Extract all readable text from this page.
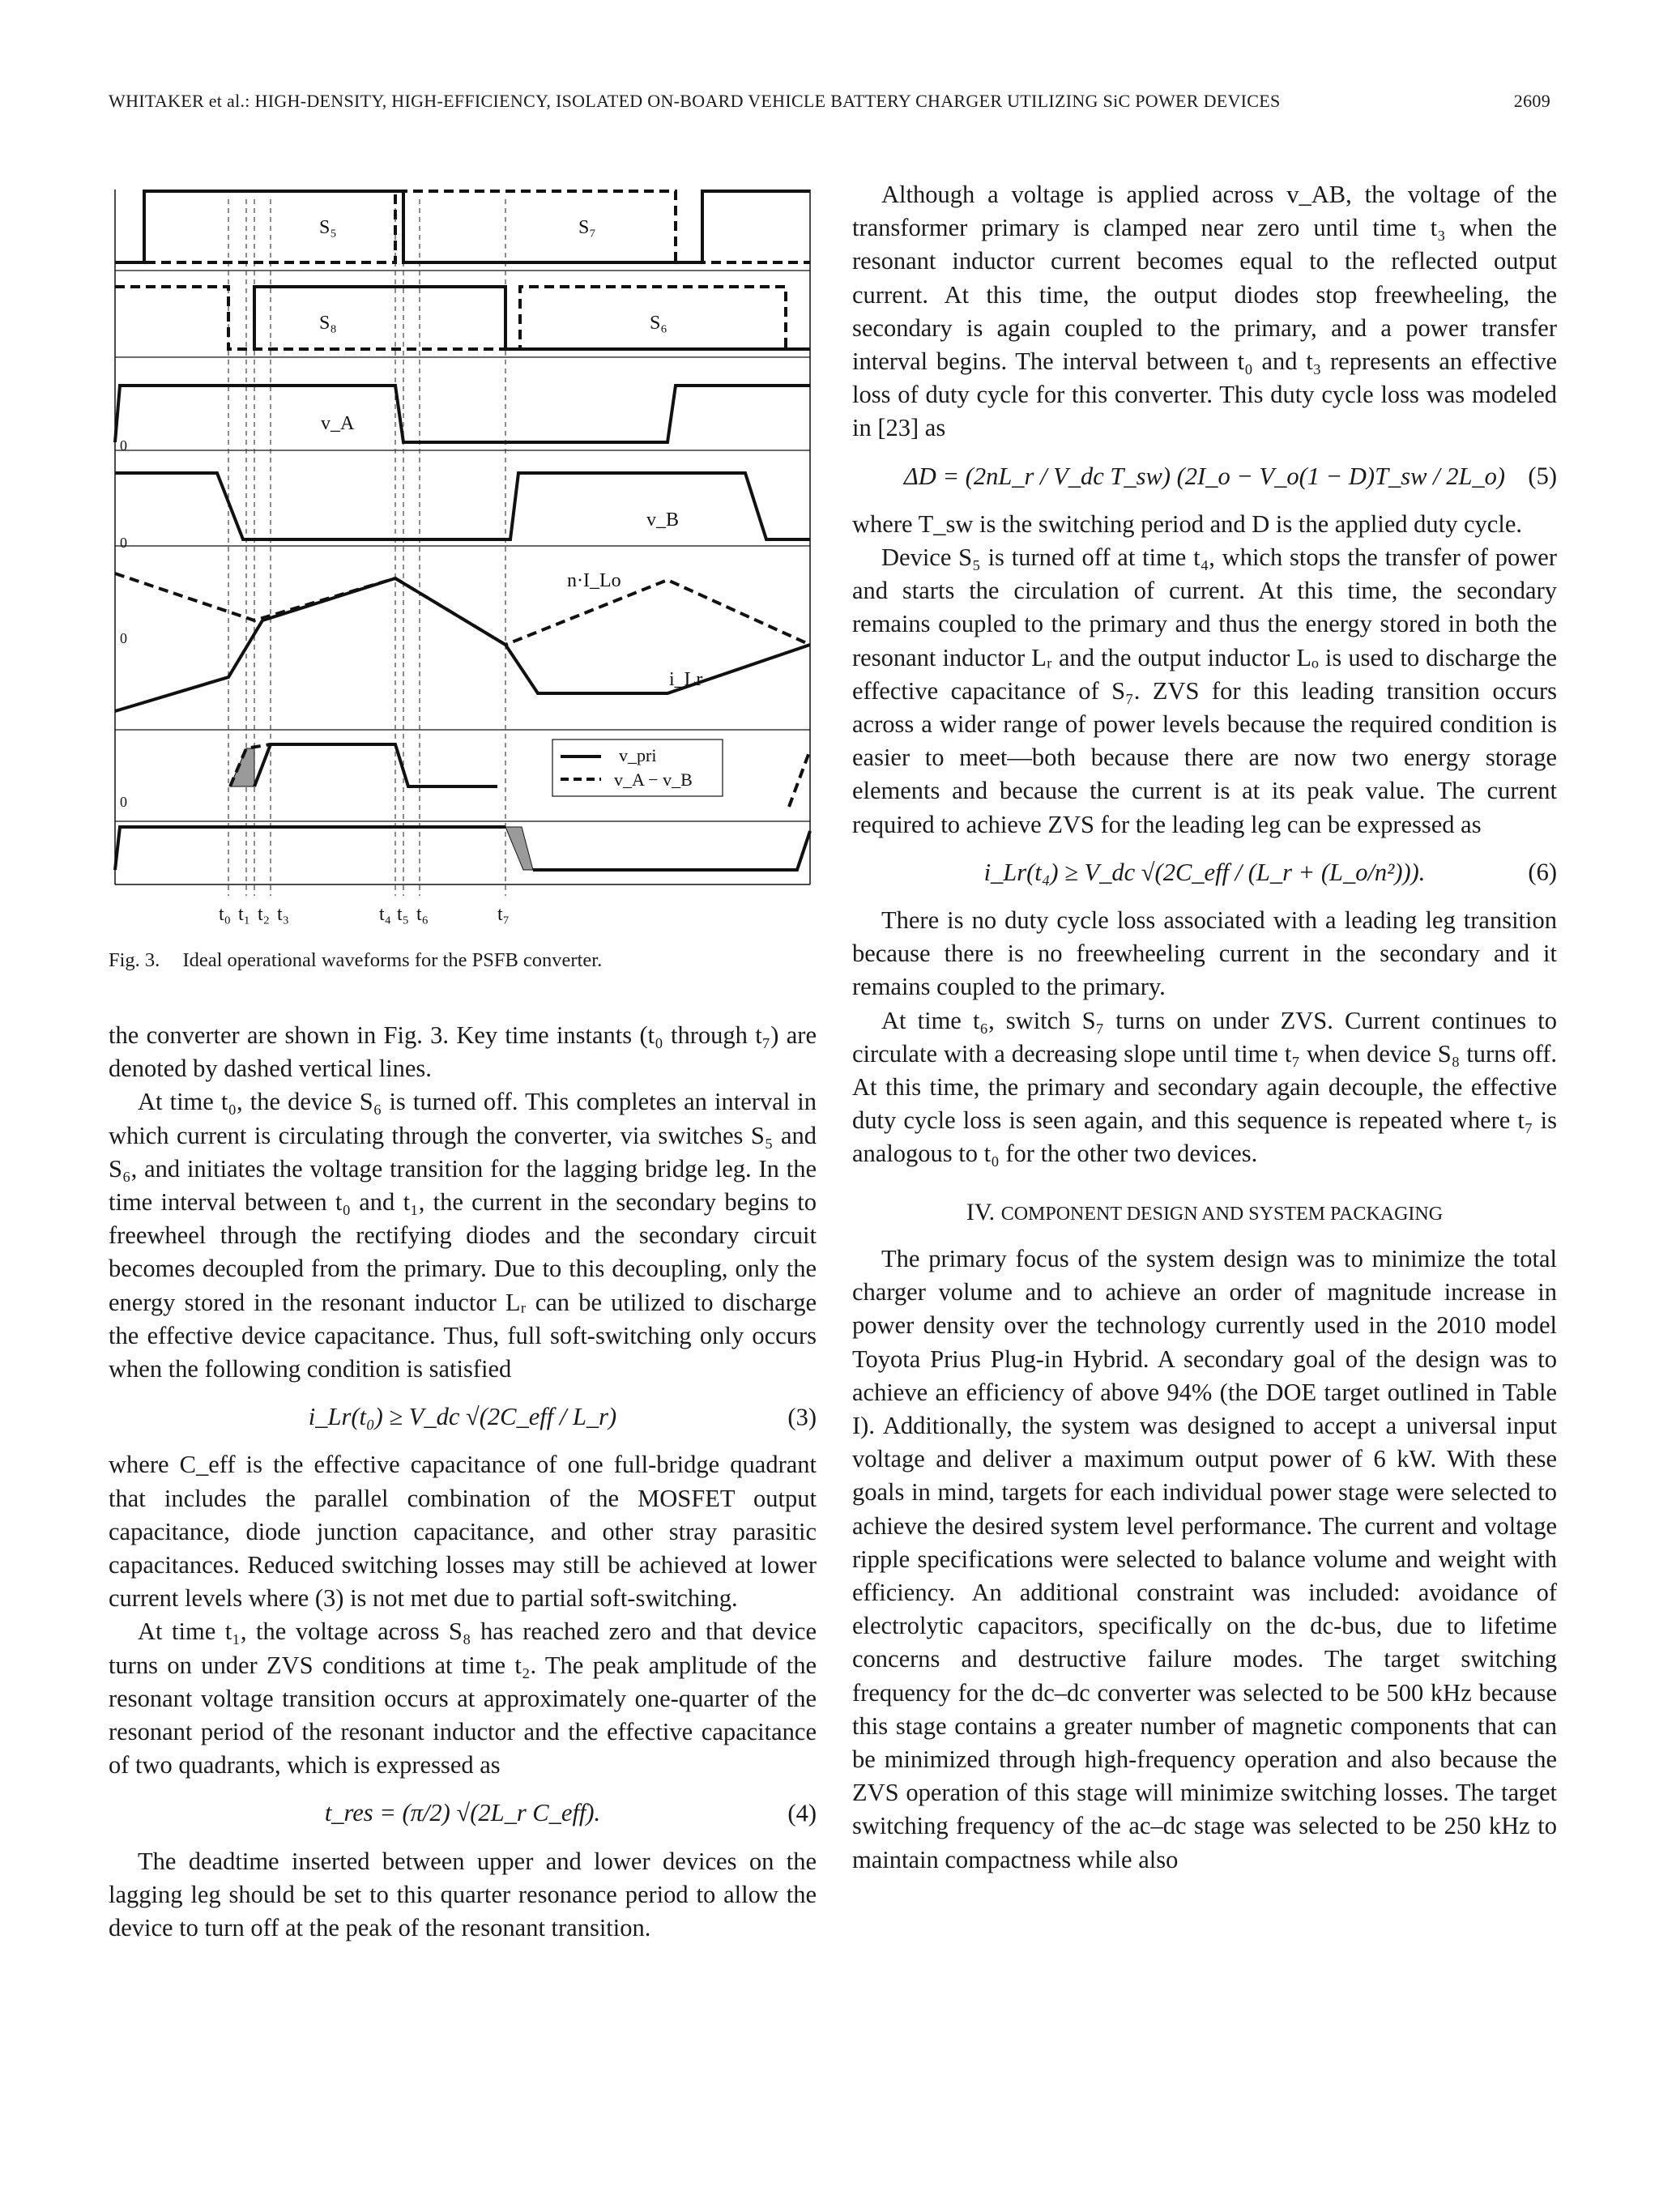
WHITAKER et al.: HIGH-DENSITY, HIGH-EFFICIENCY, ISOLATED ON-BOARD VEHICLE BATTERY CHARGER UTILIZING SiC POWER DEVICES	2609
S₅	S₇
S₈	S₆
v_A
v_B
n·I_Lo
i_Lr
0
0
0
0
v_pri
v_A − v_B
t₀ t₁ t₂ t₃	t₄ t₅ t₆	t₇
Fig. 3. Ideal operational waveforms for the PSFB converter.

the converter are shown in Fig. 3. Key time instants (t₀ through t₇) are denoted by dashed vertical lines.

At time t₀, the device S₆ is turned off. This completes an interval in which current is circulating through the converter, via switches S₅ and S₆, and initiates the voltage transition for the lagging bridge leg. In the time interval between t₀ and t₁, the current in the secondary begins to freewheel through the rectifying diodes and the secondary circuit becomes decoupled from the primary. Due to this decoupling, only the energy stored in the resonant inductor Lᵣ can be utilized to discharge the effective device capacitance. Thus, full soft-switching only occurs when the following condition is satisfied

i_Lr(t₀) ≥ V_dc √(2C_eff / L_r)	(3)

where C_eff is the effective capacitance of one full-bridge quadrant that includes the parallel combination of the MOSFET output capacitance, diode junction capacitance, and other stray parasitic capacitances. Reduced switching losses may still be achieved at lower current levels where (3) is not met due to partial soft-switching.

At time t₁, the voltage across S₈ has reached zero and that device turns on under ZVS conditions at time t₂. The peak amplitude of the resonant voltage transition occurs at approximately one-quarter of the resonant period of the resonant inductor and the effective capacitance of two quadrants, which is expressed as

t_res = (π/2) √(2L_r C_eff).	(4)

The deadtime inserted between upper and lower devices on the lagging leg should be set to this quarter resonance period to allow the device to turn off at the peak of the resonant transition.

Although a voltage is applied across v_AB, the voltage of the transformer primary is clamped near zero until time t₃ when the resonant inductor current becomes equal to the reflected output current. At this time, the output diodes stop freewheeling, the secondary is again coupled to the primary, and a power transfer interval begins. The interval between t₀ and t₃ represents an effective loss of duty cycle for this converter. This duty cycle loss was modeled in [23] as

ΔD = (2nL_r / V_dc T_sw) (2I_o − V_o(1 − D)T_sw / 2L_o) (5)

where T_sw is the switching period and D is the applied duty cycle.

Device S₅ is turned off at time t₄, which stops the transfer of power and starts the circulation of current. At this time, the secondary remains coupled to the primary and thus the energy stored in both the resonant inductor Lᵣ and the output inductor Lₒ is used to discharge the effective capacitance of S₇. ZVS for this leading transition occurs across a wider range of power levels because the required condition is easier to meet—both because there are now two energy storage elements and because the current is at its peak value. The current required to achieve ZVS for the leading leg can be expressed as

i_Lr(t₄) ≥ V_dc √(2C_eff / (L_r + (L_o/n²))).	(6)

There is no duty cycle loss associated with a leading leg transition because there is no freewheeling current in the secondary and it remains coupled to the primary.

At time t₆, switch S₇ turns on under ZVS. Current continues to circulate with a decreasing slope until time t₇ when device S₈ turns off. At this time, the primary and secondary again decouple, the effective duty cycle loss is seen again, and this sequence is repeated where t₇ is analogous to t₀ for the other two devices.

IV. COMPONENT DESIGN AND SYSTEM PACKAGING

The primary focus of the system design was to minimize the total charger volume and to achieve an order of magnitude increase in power density over the technology currently used in the 2010 model Toyota Prius Plug-in Hybrid. A secondary goal of the design was to achieve an efficiency of above 94% (the DOE target outlined in Table I). Additionally, the system was designed to accept a universal input voltage and deliver a maximum output power of 6 kW. With these goals in mind, targets for each individual power stage were selected to achieve the desired system level performance. The current and voltage ripple specifications were selected to balance volume and weight with efficiency. An additional constraint was included: avoidance of electrolytic capacitors, specifically on the dc-bus, due to lifetime concerns and destructive failure modes. The target switching frequency for the dc–dc converter was selected to be 500 kHz because this stage contains a greater number of magnetic components that can be minimized through high-frequency operation and also because the ZVS operation of this stage will minimize switching losses. The target switching frequency of the ac–dc stage was selected to be 250 kHz to maintain compactness while also
